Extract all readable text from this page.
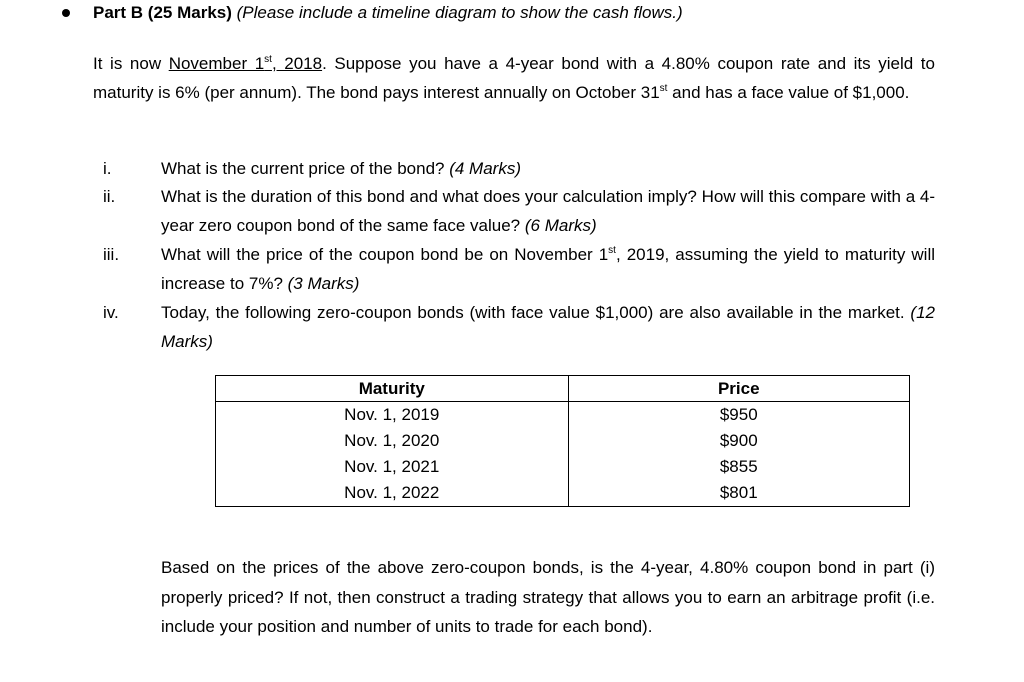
Part B (25 Marks) (Please include a timeline diagram to show the cash flows.)
It is now November 1st, 2018. Suppose you have a 4-year bond with a 4.80% coupon rate and its yield to maturity is 6% (per annum). The bond pays interest annually on October 31st and has a face value of $1,000.
i.	What is the current price of the bond? (4 Marks)
ii.	What is the duration of this bond and what does your calculation imply? How will this compare with a 4-year zero coupon bond of the same face value? (6 Marks)
iii.	What will the price of the coupon bond be on November 1st, 2019, assuming the yield to maturity will increase to 7%? (3 Marks)
iv.	Today, the following zero-coupon bonds (with face value $1,000) are also available in the market. (12 Marks)
Maturity	Price
Nov. 1, 2019	$950
Nov. 1, 2020	$900
Nov. 1, 2021	$855
Nov. 1, 2022	$801
Based on the prices of the above zero-coupon bonds, is the 4-year, 4.80% coupon bond in part (i) properly priced? If not, then construct a trading strategy that allows you to earn an arbitrage profit (i.e. include your position and number of units to trade for each bond).
